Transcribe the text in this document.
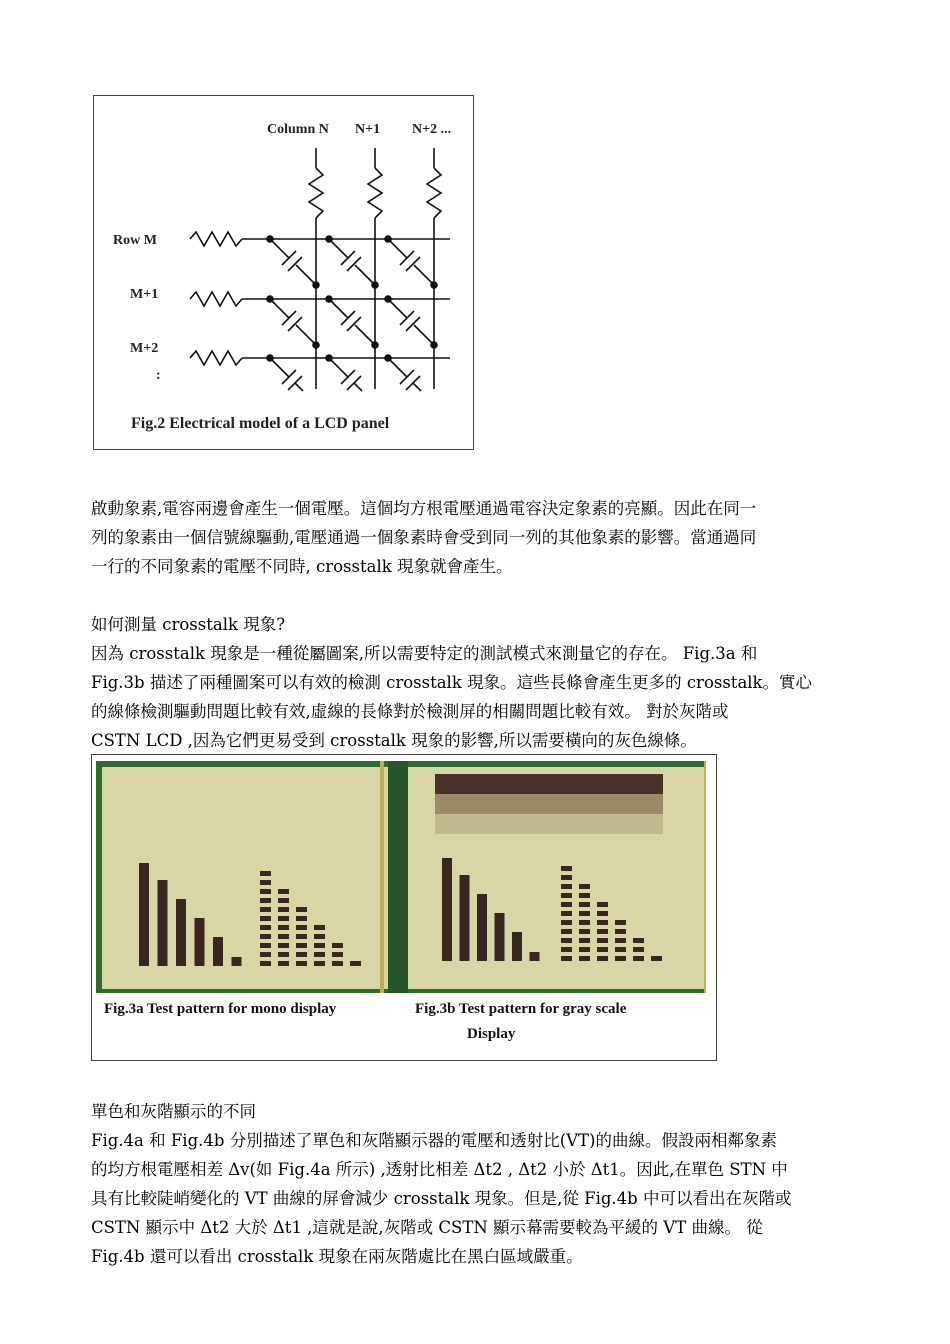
Column N N+1 N+2 ...
Row M
M+1
M+2
:
Fig.2 Electrical model of a LCD panel
啟動象素,電容兩邊會產生一個電壓。這個均方根電壓通過電容決定象素的亮顯。因此在同一
列的象素由一個信號線驅動,電壓通過一個象素時會受到同一列的其他象素的影響。當通過同
一行的不同象素的電壓不同時, crosstalk 現象就會產生。
如何測量 crosstalk 現象?
因為 crosstalk 現象是一種從屬圖案,所以需要特定的測試模式來測量它的存在。 Fig.3a 和
Fig.3b 描述了兩種圖案可以有效的檢測 crosstalk 現象。這些長條會產生更多的 crosstalk。實心
的線條檢測驅動問題比較有效,虛線的長條對於檢測屏的相關問題比較有效。 對於灰階或
CSTN LCD ,因為它們更易受到 crosstalk 現象的影響,所以需要橫向的灰色線條。
Fig.3a Test pattern for mono display	Fig.3b Test pattern for gray scale
Display
單色和灰階顯示的不同
Fig.4a 和 Fig.4b 分別描述了單色和灰階顯示器的電壓和透射比(VT)的曲線。假設兩相鄰象素
的均方根電壓相差 Δv(如 Fig.4a 所示) ,透射比相差 Δt2 , Δt2 小於 Δt1。因此,在單色 STN 中
具有比較陡峭變化的 VT 曲線的屏會減少 crosstalk 現象。但是,從 Fig.4b 中可以看出在灰階或
CSTN 顯示中 Δt2 大於 Δt1 ,這就是說,灰階或 CSTN 顯示幕需要較為平緩的 VT 曲線。 從
Fig.4b 還可以看出 crosstalk 現象在兩灰階處比在黑白區域嚴重。
